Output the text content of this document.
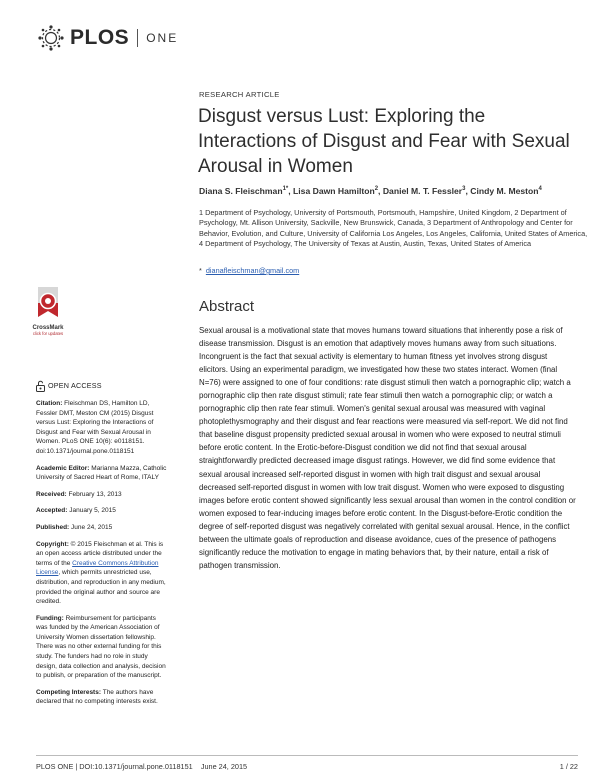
PLOS ONE
RESEARCH ARTICLE
Disgust versus Lust: Exploring the Interactions of Disgust and Fear with Sexual Arousal in Women
Diana S. Fleischman$^{1*}$, Lisa Dawn Hamilton$^2$, Daniel M. T. Fessler$^3$, Cindy M. Meston$^4$
1 Department of Psychology, University of Portsmouth, Portsmouth, Hampshire, United Kingdom, 2 Department of Psychology, Mt. Allison University, Sackville, New Brunswick, Canada, 3 Department of Anthropology and Center for Behavior, Evolution, and Culture, University of California Los Angeles, Los Angeles, California, United States of America, 4 Department of Psychology, The University of Texas at Austin, Austin, Texas, United States of America
* dianafleischman@gmail.com
Abstract
Sexual arousal is a motivational state that moves humans toward situations that inherently pose a risk of disease transmission. Disgust is an emotion that adaptively moves humans away from such situations. Incongruent is the fact that sexual activity is elementary to human fitness yet involves strong disgust elicitors. Using an experimental paradigm, we investigated how these two states interact. Women (final N=76) were assigned to one of four conditions: rate disgust stimuli then watch a pornographic clip; watch a pornographic clip then rate disgust stimuli; rate fear stimuli then watch a pornographic clip; or watch a pornographic clip then rate fear stimuli. Women's genital sexual arousal was measured with vaginal photoplethysmography and their disgust and fear reactions were measured via self-report. We did not find that baseline disgust propensity predicted sexual arousal in women who were exposed to neutral stimuli before erotic content. In the Erotic-before-Disgust condition we did not find that sexual arousal straightforwardly predicted decreased image disgust ratings. However, we did find some evidence that sexual arousal increased self-reported disgust in women with high trait disgust and sexual arousal decreased self-reported disgust in women with low trait disgust. Women who were exposed to disgusting images before erotic content showed significantly less sexual arousal than women in the control condition or women exposed to fear-inducing images before erotic content. In the Disgust-before-Erotic condition the degree of self-reported disgust was negatively correlated with genital sexual arousal. Hence, in the conflict between the ultimate goals of reproduction and disease avoidance, cues of the presence of pathogens significantly reduce the motivation to engage in mating behaviors that, by their nature, entail a risk of pathogen transmission.
CrossMark
click for updates
OPEN ACCESS
Citation: Fleischman DS, Hamilton LD, Fessler DMT, Meston CM (2015) Disgust versus Lust: Exploring the Interactions of Disgust and Fear with Sexual Arousal in Women. PLoS ONE 10(6): e0118151. doi:10.1371/journal.pone.0118151
Academic Editor: Marianna Mazza, Catholic University of Sacred Heart of Rome, ITALY
Received: February 13, 2013
Accepted: January 5, 2015
Published: June 24, 2015
Copyright: © 2015 Fleischman et al. This is an open access article distributed under the terms of the Creative Commons Attribution License, which permits unrestricted use, distribution, and reproduction in any medium, provided the original author and source are credited.
Funding: Reimbursement for participants was funded by the American Association of University Women dissertation fellowship. There was no other external funding for this study. The funders had no role in study design, data collection and analysis, decision to publish, or preparation of the manuscript.
Competing Interests: The authors have declared that no competing interests exist.
PLOS ONE | DOI:10.1371/journal.pone.0118151    June 24, 2015	1 / 22
